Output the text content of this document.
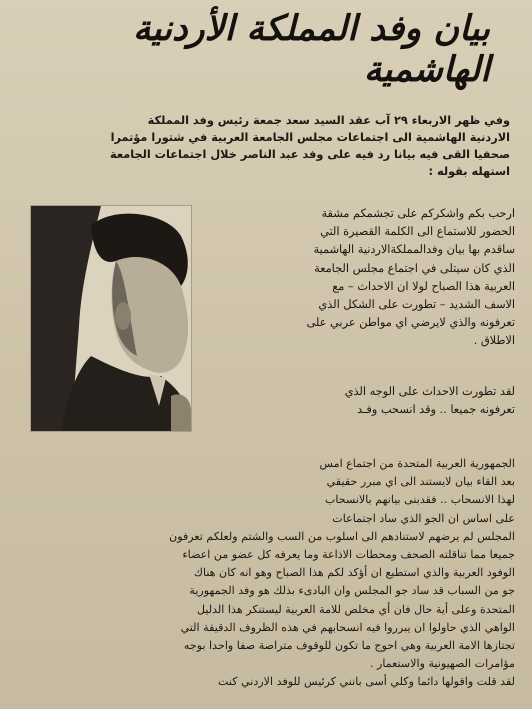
بيان وفد المملكة الأردنية الهاشمية

وفي ظهر الاربعاء ٢٩ آب عقد السيد سعد جمعة رئيس وفد المملكة

الاردنية الهاشمية الى اجتماعات مجلس الجامعة العربية في شتورا مؤتمرا

صحفيا القى فيه بيانا رد فيه على وفد عبد الناصر خلال اجتماعات الجامعة

استهله بقوله :

ارحب بكم واشكركم على تجشمكم مشقة

الحضور للاستماع الى الكلمة القصيرة التي

ساقدم بها بيان وفدالمملكةالاردنية الهاشمية

الذي كان سيتلى في اجتماع مجلس الجامعة

العربية هذا الصباح لولا ان الاحداث – مع

الاسف الشديد – تطورت على الشكل الذي

تعرفونه والذي لايرضي اي مواطن عربي على

الاطلاق .

لقد تطورت الاحداث على الوجه الذي

تعرفونه جميعا .. وقد انسحب وفـد

الجمهورية العربية المتحدة من اجتماع امس

بعد القاء بيان لايستند الى اي مبرر حقيقي

لهذا الانسحاب .. فقدبنى بيانهم بالانسحاب

على اساس ان الجو الذي ساد اجتماعات

المجلس لم يرضهم لاستنادهم الى اسلوب من السب والشتم ولعلكم تعرفون

جميعا مما تناقلته الصحف ومحطات الاذاعة وما يعرفه كل عضو من اعضاء

الوفود العربية والذي استطيع ان أؤكد لكم هذا الصباح وهو انه كان هناك

جو من السباب قد ساد جو المجلس وان البادىء بذلك هو وفد الجمهورية

المتحدة وعلى أية حال فان أي مخلص للامة العربية ليستنكر هذا الدليل

الواهي الذي حاولوا ان يبرروا فيه انسحابهم في هذه الظروف الدقيقة التي

تجتازها الامة العربية وهي احوج ما تكون للوقوف متراصة صفا واحدا بوجه

مؤامرات الصهيونية والاستعمار .

لقد قلت واقولها دائما وكلي أسى بانني كرئيس للوفد الاردني كنت
